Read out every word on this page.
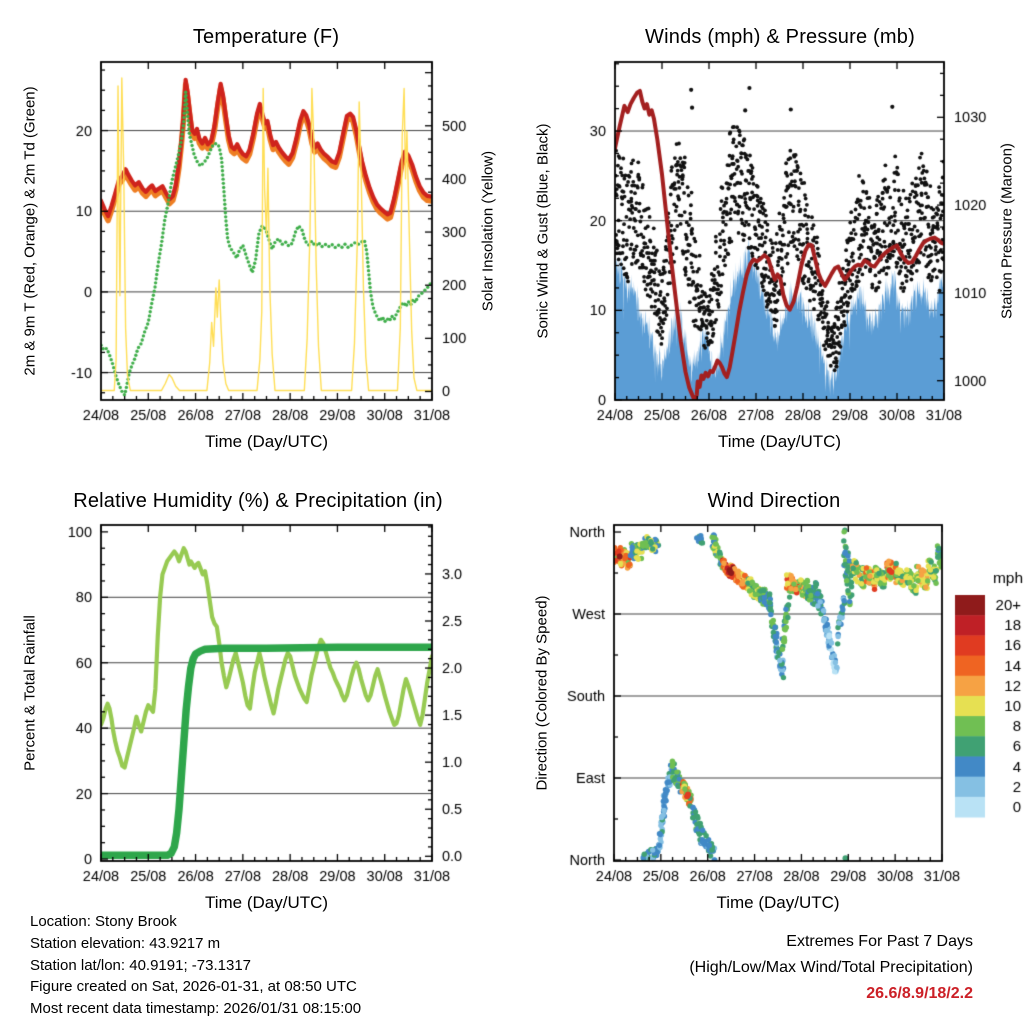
Temperature (F)	Winds (mph) & Pressure (mb)
Relative Humidity (%) & Precipitation (in)	Wind Direction
Time (Day/UTC)	Time (Day/UTC)
Time (Day/UTC)	Time (Day/UTC)
2m & 9m T (Red, Orange) & 2m Td (Green)	Solar Insolation (Yellow)	Sonic Wind & Gust (Blue, Black)	Station Pressure (Maroon)
Percent & Total Rainfall	Direction (Colored By Speed)
Location: Stony Brook
Station elevation: 43.9217 m
Station lat/lon: 40.9191; -73.1317
Figure created on Sat, 2026-01-31, at 08:50 UTC
Most recent data timestamp: 2026/01/31 08:15:00
Extremes For Past 7 Days
(High/Low/Max Wind/Total Precipitation)
26.6/8.9/18/2.2
